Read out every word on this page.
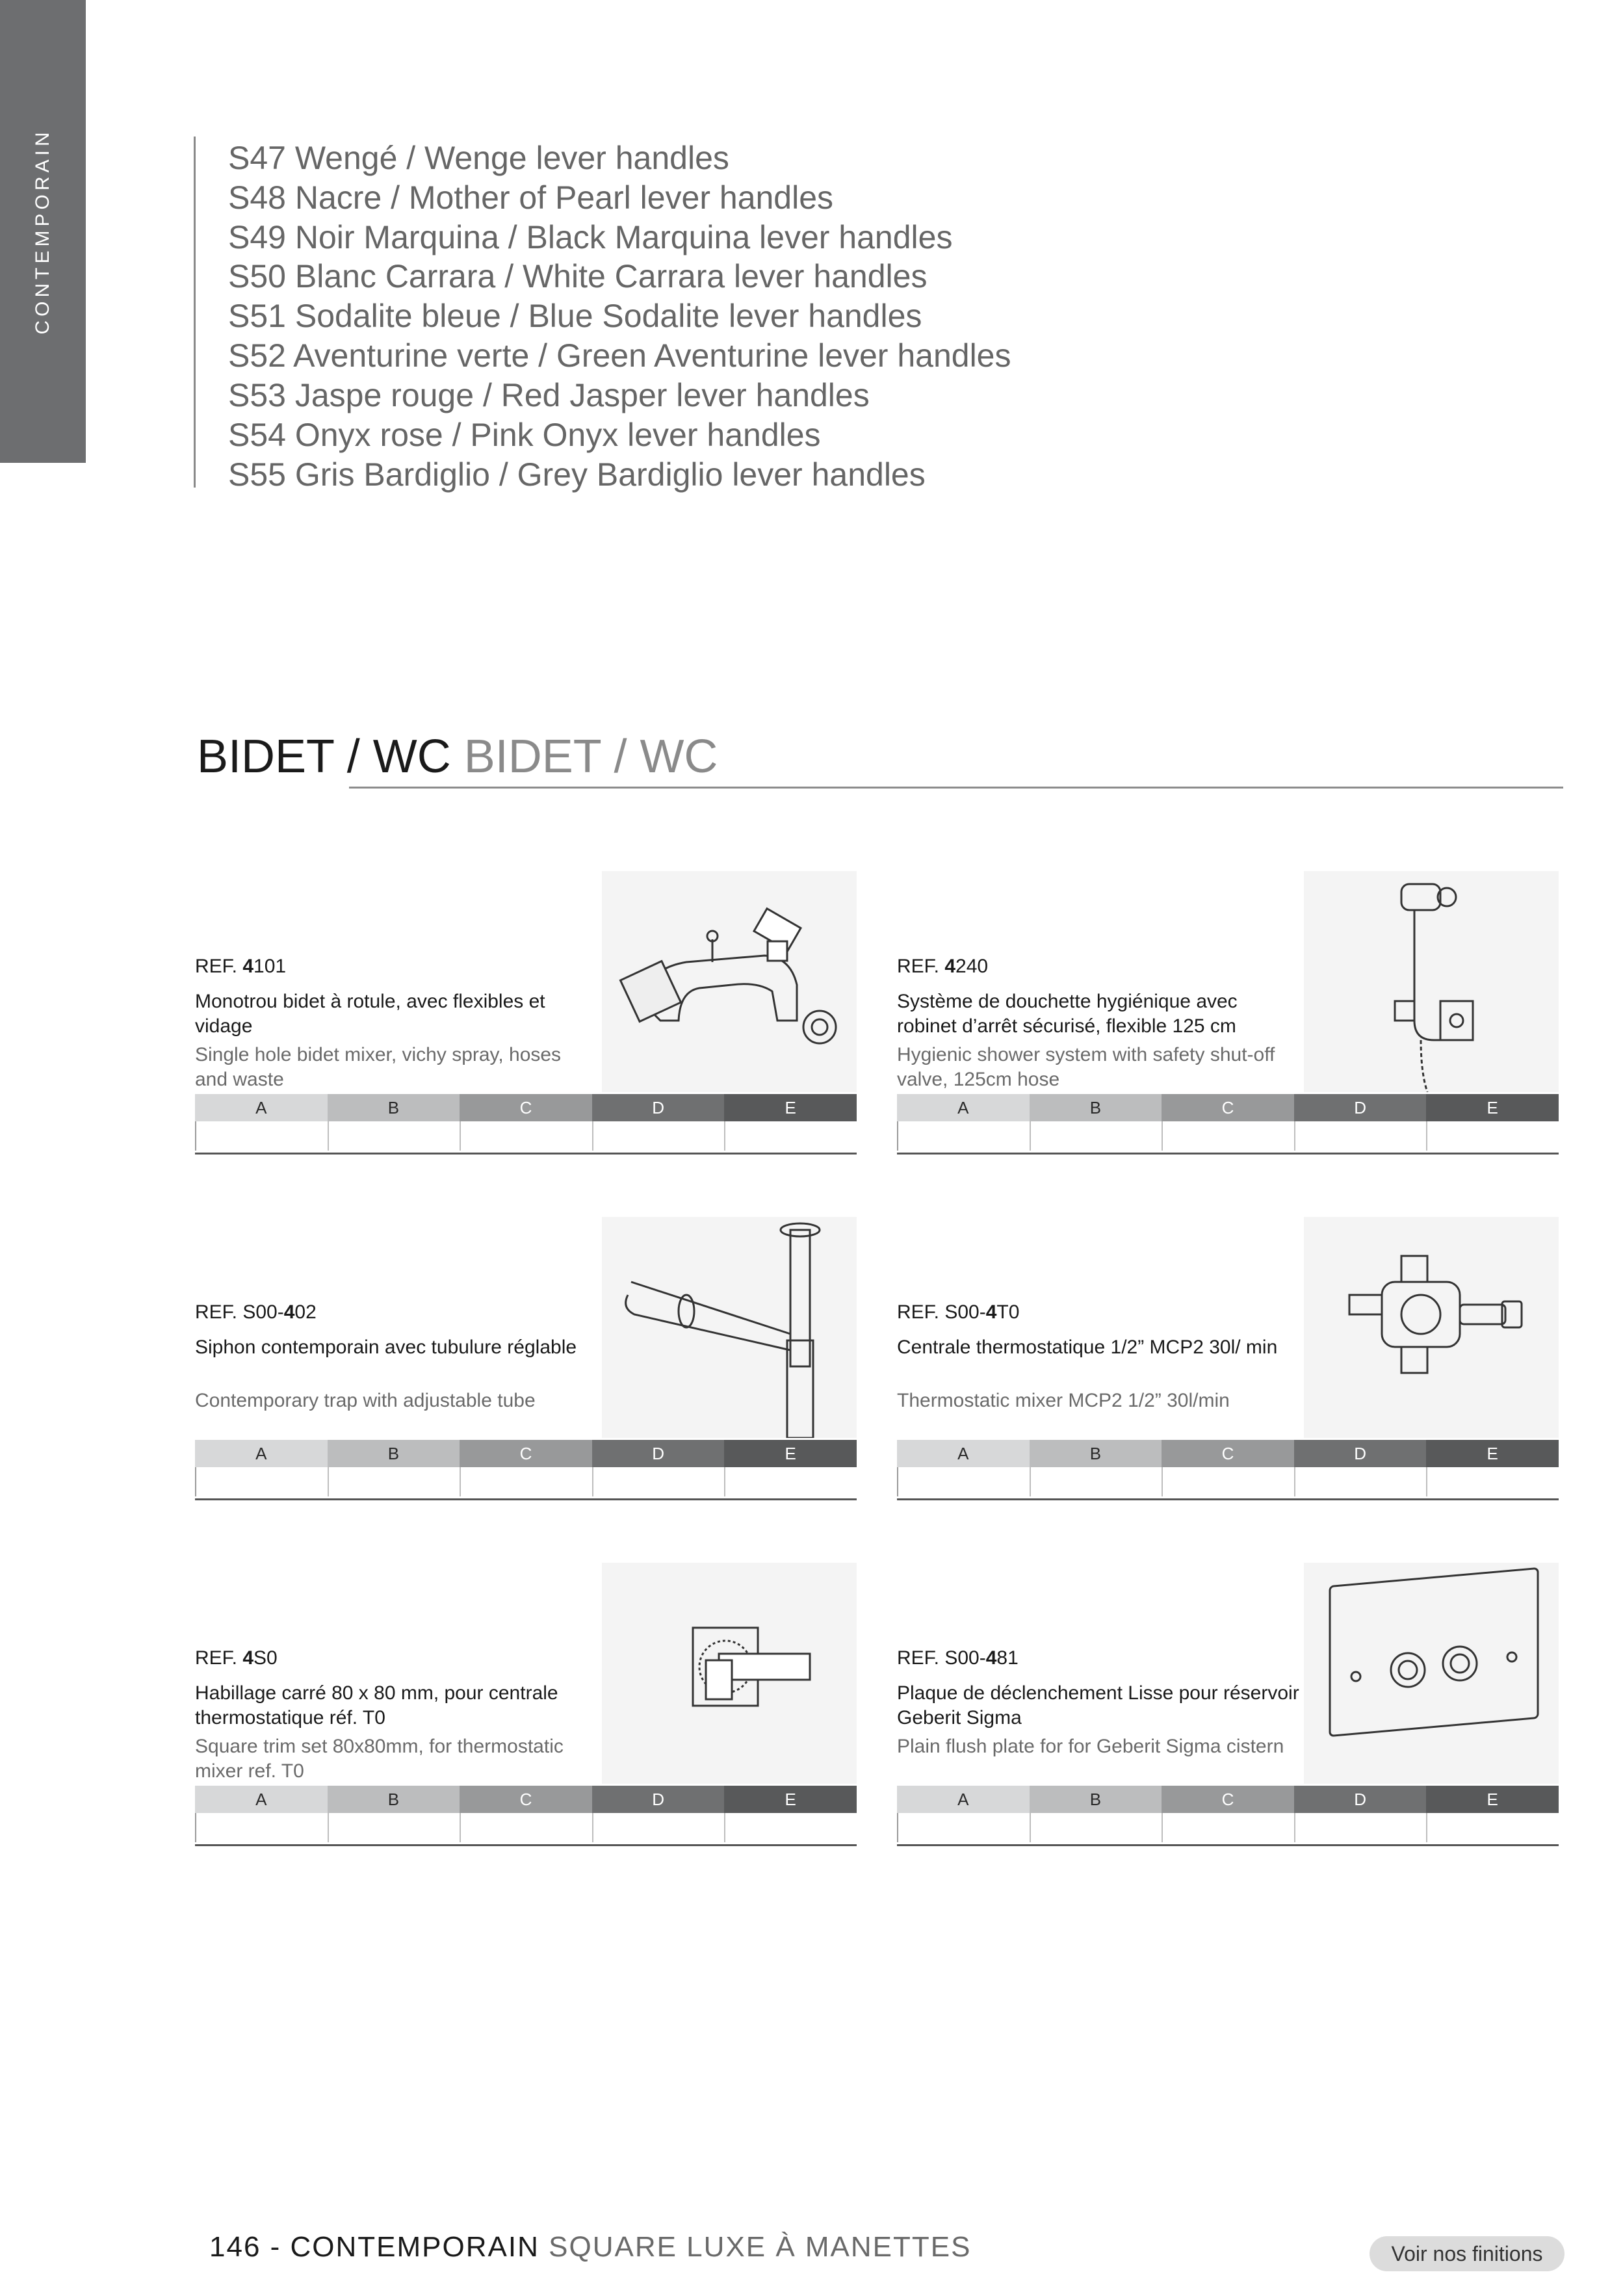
CONTEMPORAIN	S47 Wengé / Wenge lever handles
S48 Nacre / Mother of Pearl lever handles
S49 Noir Marquina / Black Marquina lever handles
S50 Blanc Carrara / White Carrara lever handles
S51 Sodalite bleue / Blue Sodalite lever handles
S52 Aventurine verte / Green Aventurine lever handles
S53 Jaspe rouge / Red Jasper lever handles
S54 Onyx rose / Pink Onyx lever handles
S55 Gris Bardiglio / Grey Bardiglio lever handles
BIDET / WC BIDET / WC
REF. 4101
Monotrou bidet à rotule, avec flexibles et vidage
Single hole bidet mixer, vichy spray, hoses and waste
A	B	C	D	E
REF. 4240
Système de douchette hygiénique avec robinet d’arrêt sécurisé, flexible 125 cm
Hygienic shower system with safety shut-off valve, 125cm hose
A	B	C	D	E
REF. S00-402
Siphon contemporain avec tubulure réglable
Contemporary trap with adjustable tube
A	B	C	D	E
REF. S00-4T0
Centrale thermostatique 1/2” MCP2 30l/ min
Thermostatic mixer MCP2 1/2” 30l/min
A	B	C	D	E
REF. 4S0
Habillage carré 80 x 80 mm, pour centrale thermostatique réf. T0
Square trim set 80x80mm, for thermostatic mixer ref. T0
A	B	C	D	E
REF. S00-481
Plaque de déclenchement Lisse pour réservoir Geberit Sigma
Plain flush plate for for Geberit Sigma cistern
A	B	C	D	E
146 - CONTEMPORAIN SQUARE LUXE À MANETTES	Voir nos finitions
